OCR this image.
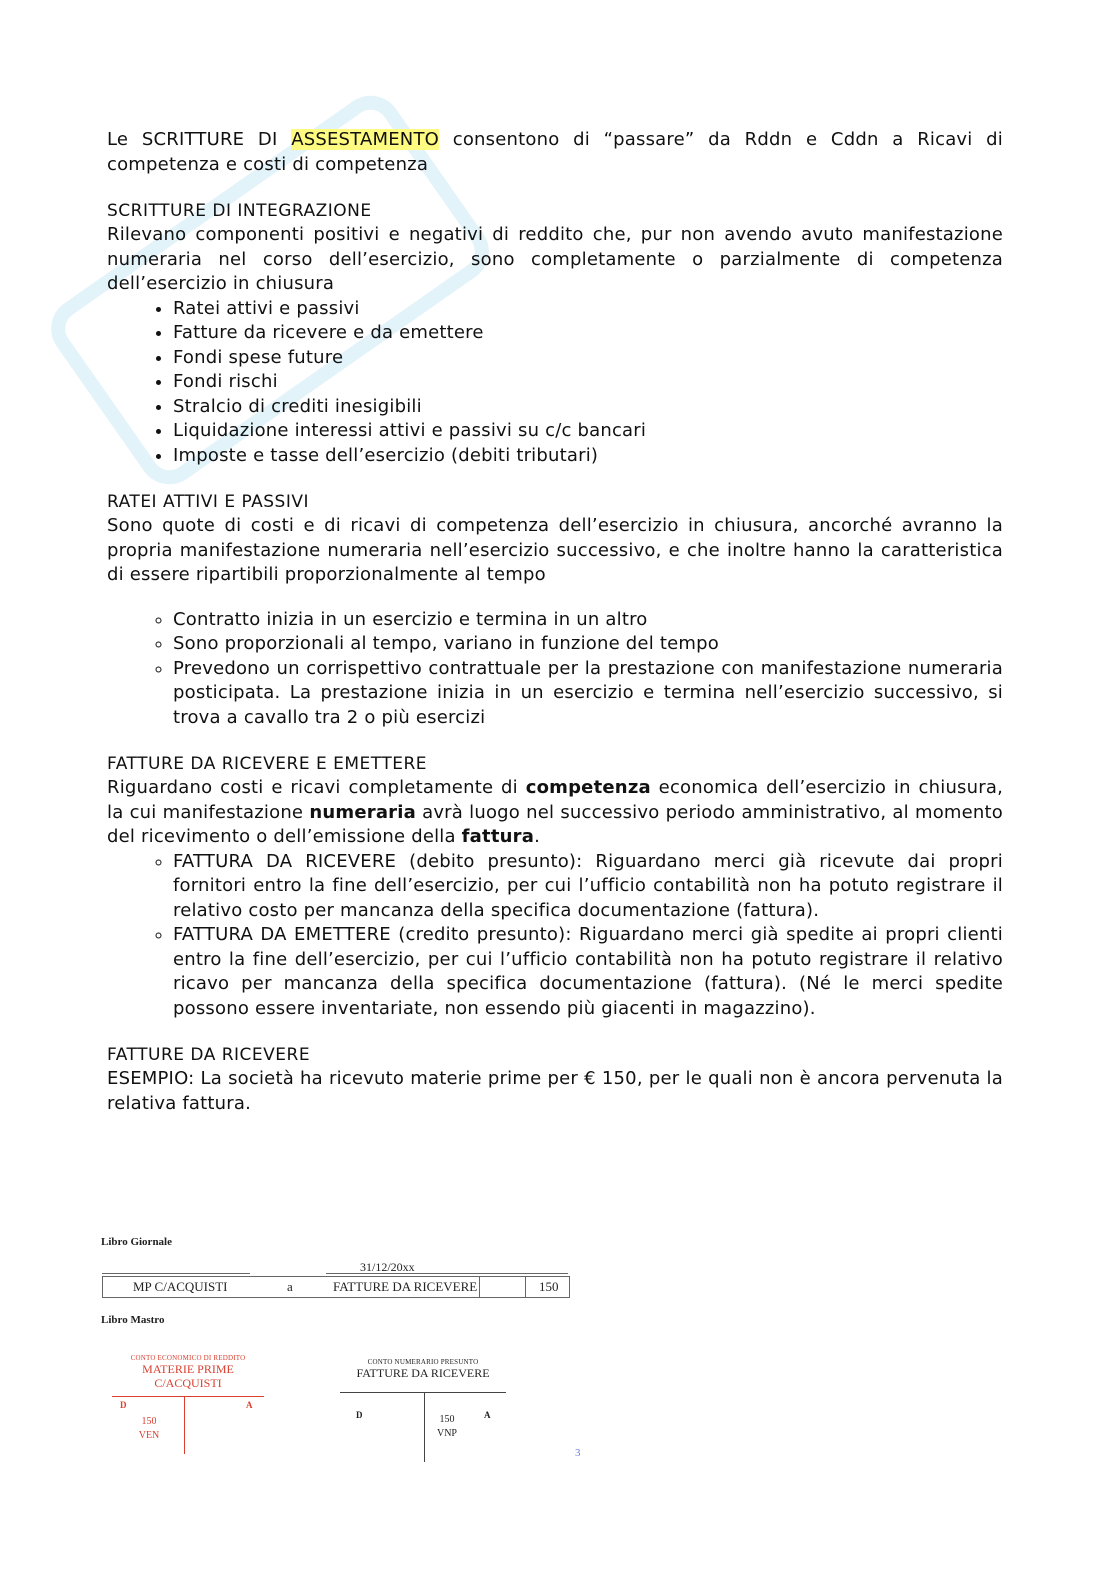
Le SCRITTURE DI ASSESTAMENTO consentono di “passare” da Rddn e Cddn a Ricavi di competenza e costi di competenza

SCRITTURE DI INTEGRAZIONE

Rilevano componenti positivi e negativi di reddito che, pur non avendo avuto manifestazione numeraria nel corso dell’esercizio, sono completamente o parzialmente di competenza dell’esercizio in chiusura

• Ratei attivi e passivi
• Fatture da ricevere e da emettere
• Fondi spese future
• Fondi rischi
• Stralcio di crediti inesigibili
• Liquidazione interessi attivi e passivi su c/c bancari
• Imposte e tasse dell’esercizio (debiti tributari)

RATEI ATTIVI E PASSIVI

Sono quote di costi e di ricavi di competenza dell’esercizio in chiusura, ancorché avranno la propria manifestazione numeraria nell’esercizio successivo, e che inoltre hanno la caratteristica di essere ripartibili proporzionalmente al tempo

◦ Contratto inizia in un esercizio e termina in un altro
◦ Sono proporzionali al tempo, variano in funzione del tempo
◦ Prevedono un corrispettivo contrattuale per la prestazione con manifestazione numeraria posticipata. La prestazione inizia in un esercizio e termina nell’esercizio successivo, si trova a cavallo tra 2 o più esercizi

FATTURE DA RICEVERE E EMETTERE

Riguardano costi e ricavi completamente di competenza economica dell’esercizio in chiusura, la cui manifestazione numeraria avrà luogo nel successivo periodo amministrativo, al momento del ricevimento o dell’emissione della fattura.

◦ FATTURA DA RICEVERE (debito presunto): Riguardano merci già ricevute dai propri fornitori entro la fine dell’esercizio, per cui l’ufficio contabilità non ha potuto registrare il relativo costo per mancanza della specifica documentazione (fattura).
◦ FATTURA DA EMETTERE (credito presunto): Riguardano merci già spedite ai propri clienti entro la fine dell’esercizio, per cui l’ufficio contabilità non ha potuto registrare il relativo ricavo per mancanza della specifica documentazione (fattura). (Né le merci spedite possono essere inventariate, non essendo più giacenti in magazzino).

FATTURE DA RICEVERE

ESEMPIO: La società ha ricevuto materie prime per € 150, per le quali non è ancora pervenuta la relativa fattura.

Libro Giornale
31/12/20xx
MP C/ACQUISTI	a	FATTURE DA RICEVERE	150
Libro Mastro
CONTO ECONOMICO DI REDDITO
MATERIE PRIME
C/ACQUISTI
D	A
150
VEN
CONTO NUMERARIO PRESUNTO
FATTURE DA RICEVERE
D	A
150
VNP
3
